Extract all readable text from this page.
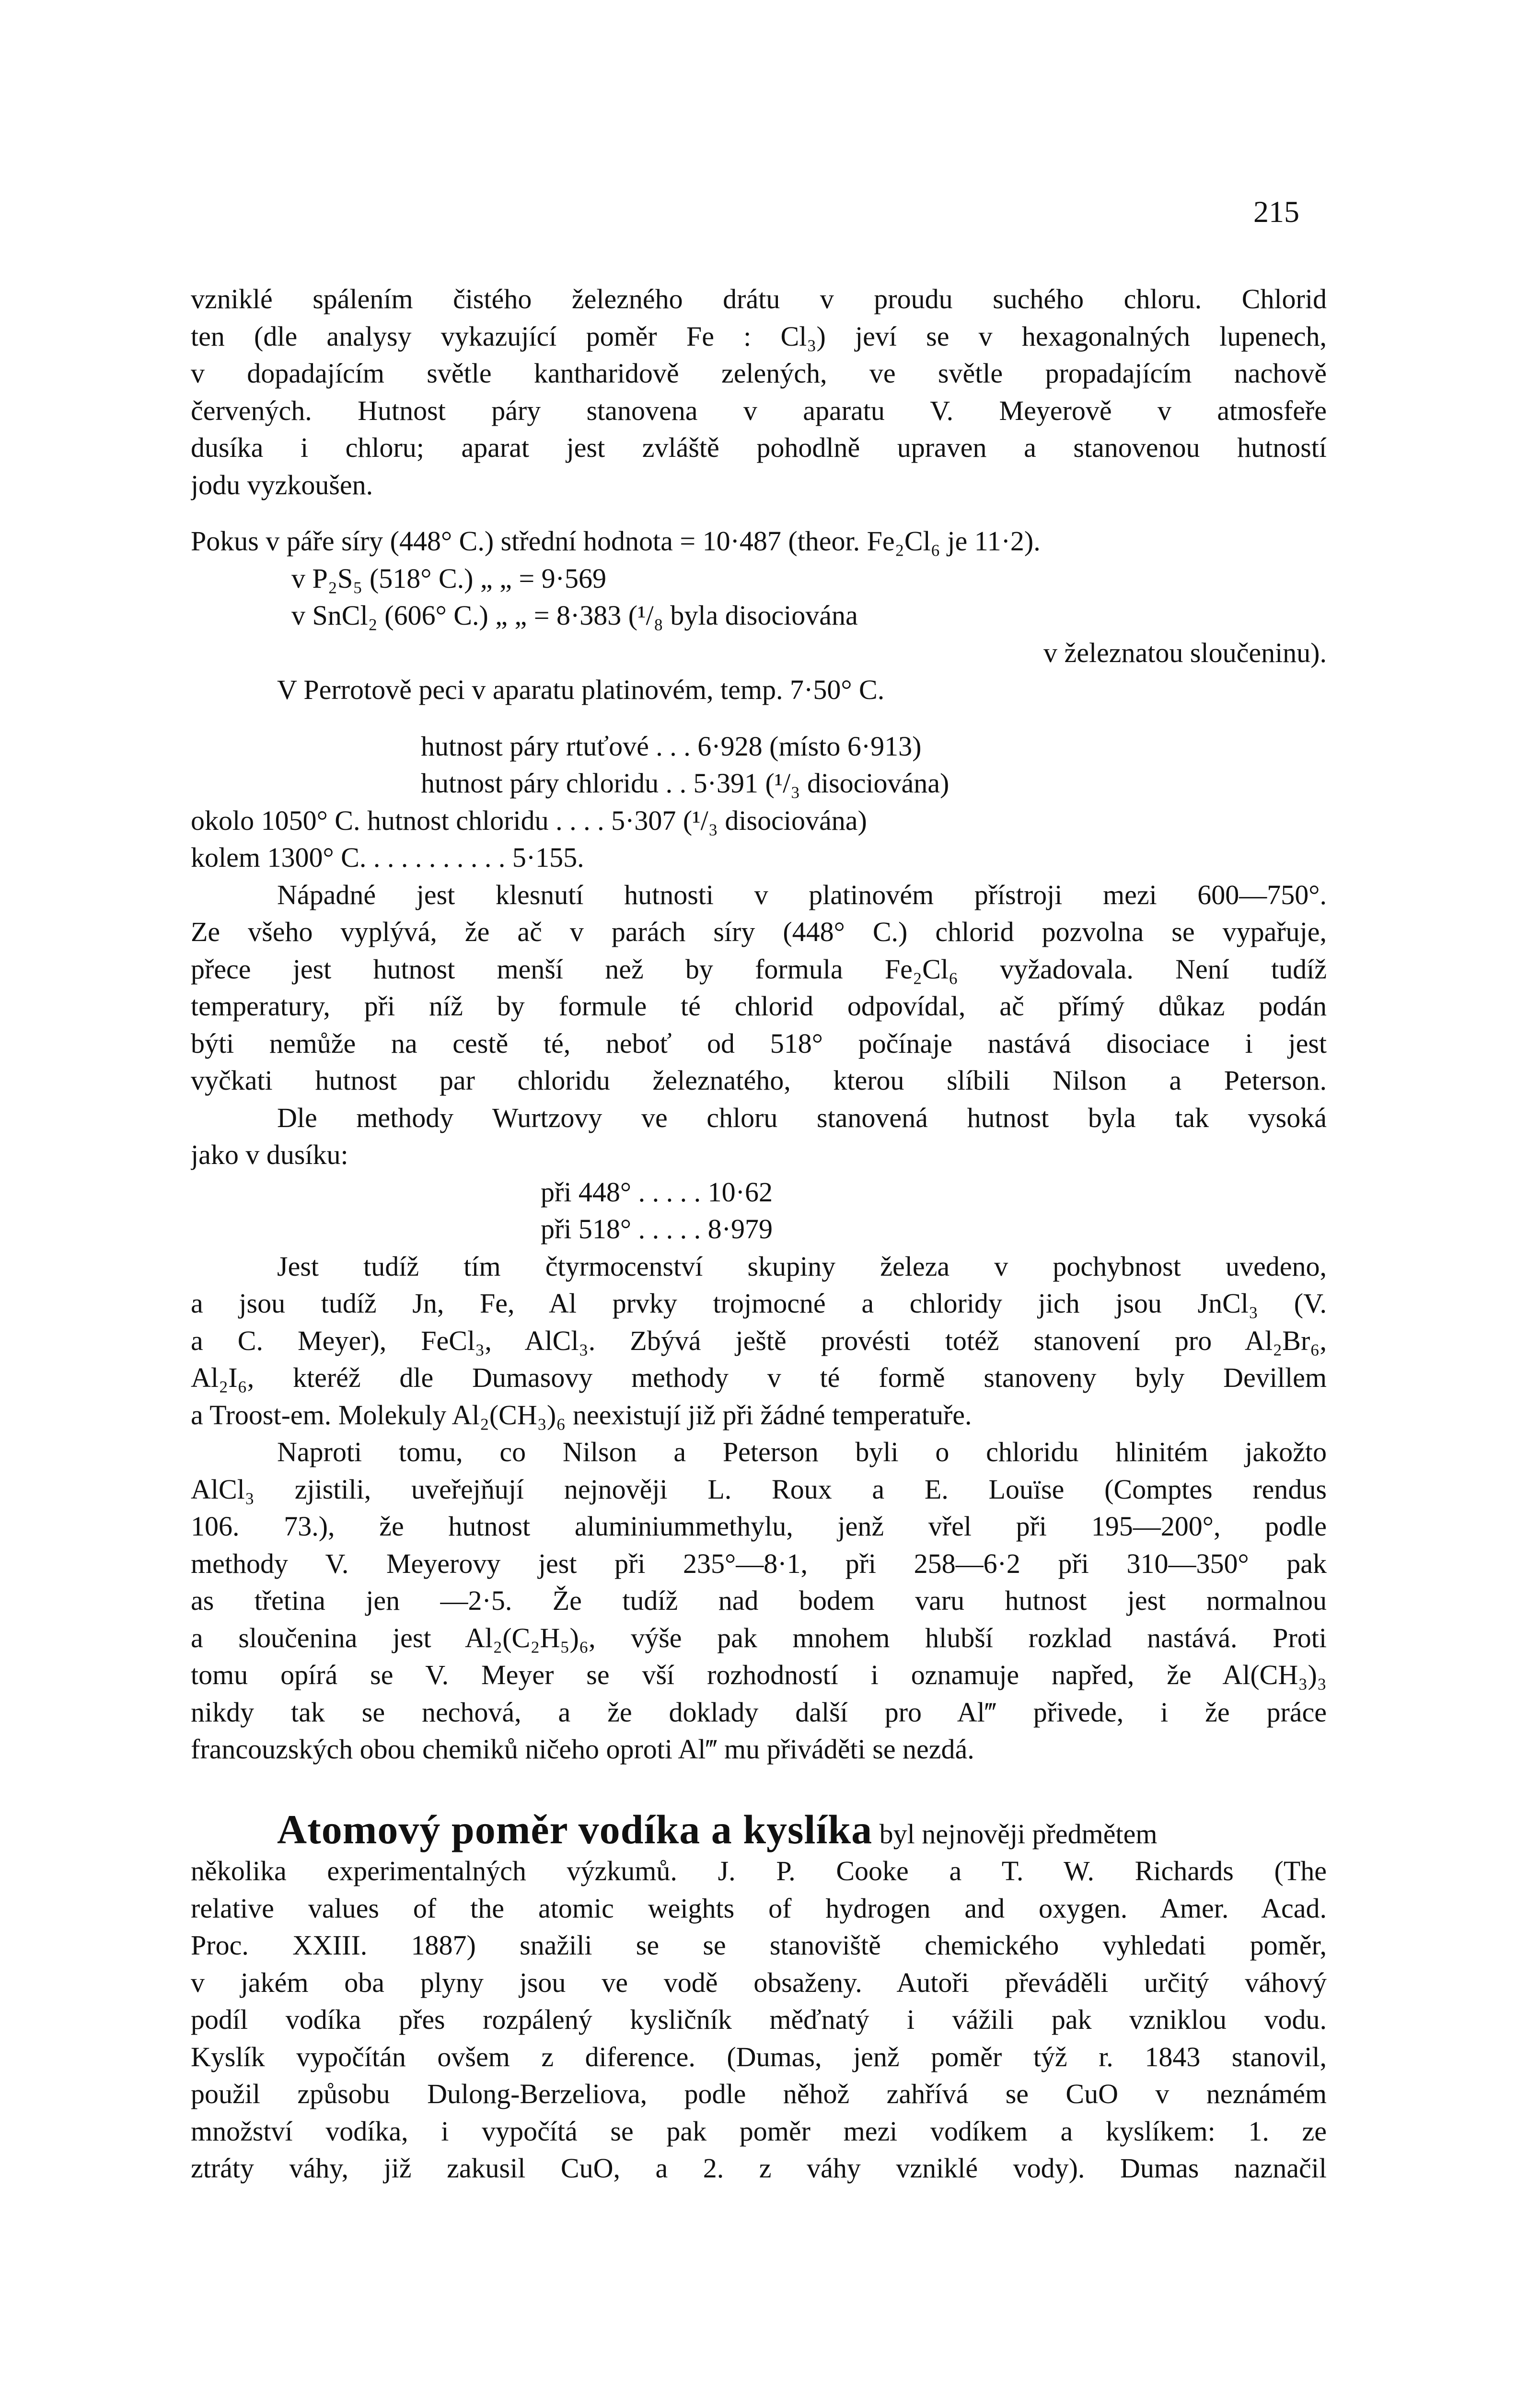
215
vzniklé spálením čistého železného drátu v proudu suchého chloru. Chlorid
ten (dle analysy vykazující poměr Fe : Cl₃) jeví se v hexagonalných lupenech,
v dopadajícím světle kantharidově zelených, ve světle propadajícím nachově
červených. Hutnost páry stanovena v aparatu V. Meyerově v atmosfeře
dusíka i chloru; aparat jest zvláště pohodlně upraven a stanovenou hutností
jodu vyzkoušen.
Pokus v páře síry (448° C.) střední hodnota = 10·487 (theor. Fe₂Cl₆ je 11·2).
v P₂S₅ (518° C.) „ „ = 9·569
v SnCl₂ (606° C.) „ „ = 8·383 (¹/₈ byla disociována
v železnatou sloučeninu).
V Perrotově peci v aparatu platinovém, temp. 7·50° C.
hutnost páry rtuťové . . . 6·928 (místo 6·913)
hutnost páry chloridu . . 5·391 (¹/₃ disociována)
okolo 1050° C. hutnost chloridu . . . . 5·307 (¹/₃ disociována)
kolem 1300° C. . . . . . . . . . . 5·155.
Nápadné jest klesnutí hutnosti v platinovém přístroji mezi 600—750°.
Ze všeho vyplývá, že ač v parách síry (448° C.) chlorid pozvolna se vypařuje,
přece jest hutnost menší než by formula Fe₂Cl₆ vyžadovala. Není tudíž
temperatury, při níž by formule té chlorid odpovídal, ač přímý důkaz podán
býti nemůže na cestě té, neboť od 518° počínaje nastává disociace i jest
vyčkati hutnost par chloridu železnatého, kterou slíbili Nilson a Peterson.
Dle methody Wurtzovy ve chloru stanovená hutnost byla tak vysoká
jako v dusíku:
při 448° . . . . . 10·62
při 518° . . . . . 8·979
Jest tudíž tím čtyrmocenství skupiny železa v pochybnost uvedeno,
a jsou tudíž Jn, Fe, Al prvky trojmocné a chloridy jich jsou JnCl₃ (V.
a C. Meyer), FeCl₃, AlCl₃. Zbývá ještě provésti totéž stanovení pro Al₂Br₆,
Al₂I₆, kteréž dle Dumasovy methody v té formě stanoveny byly Devillem
a Troost-em. Molekuly Al₂(CH₃)₆ neexistují již při žádné temperatuře.
Naproti tomu, co Nilson a Peterson byli o chloridu hlinitém jakožto
AlCl₃ zjistili, uveřejňují nejnověji L. Roux a E. Louïse (Comptes rendus
106. 73.), že hutnost aluminiummethylu, jenž vřel při 195—200°, podle
methody V. Meyerovy jest při 235°—8·1, při 258—6·2 při 310—350° pak
as třetina jen —2·5. Že tudíž nad bodem varu hutnost jest normalnou
a sloučenina jest Al₂(C₂H₅)₆, výše pak mnohem hlubší rozklad nastává. Proti
tomu opírá se V. Meyer se vší rozhodností i oznamuje napřed, že Al(CH₃)₃
nikdy tak se nechová, a že doklady další pro Al‴ přivede, i že práce
francouzských obou chemiků ničeho oproti Al‴ mu přiváděti se nezdá.
Atomový poměr vodíka a kyslíka byl nejnověji předmětem
několika experimentalných výzkumů. J. P. Cooke a T. W. Richards (The
relative values of the atomic weights of hydrogen and oxygen. Amer. Acad.
Proc. XXIII. 1887) snažili se se stanoviště chemického vyhledati poměr,
v jakém oba plyny jsou ve vodě obsaženy. Autoři převáděli určitý váhový
podíl vodíka přes rozpálený kysličník měďnatý i vážili pak vzniklou vodu.
Kyslík vypočítán ovšem z diference. (Dumas, jenž poměr týž r. 1843 stanovil,
použil způsobu Dulong-Berzeliova, podle něhož zahřívá se CuO v neznámém
množství vodíka, i vypočítá se pak poměr mezi vodíkem a kyslíkem: 1. ze
ztráty váhy, již zakusil CuO, a 2. z váhy vzniklé vody). Dumas naznačil
